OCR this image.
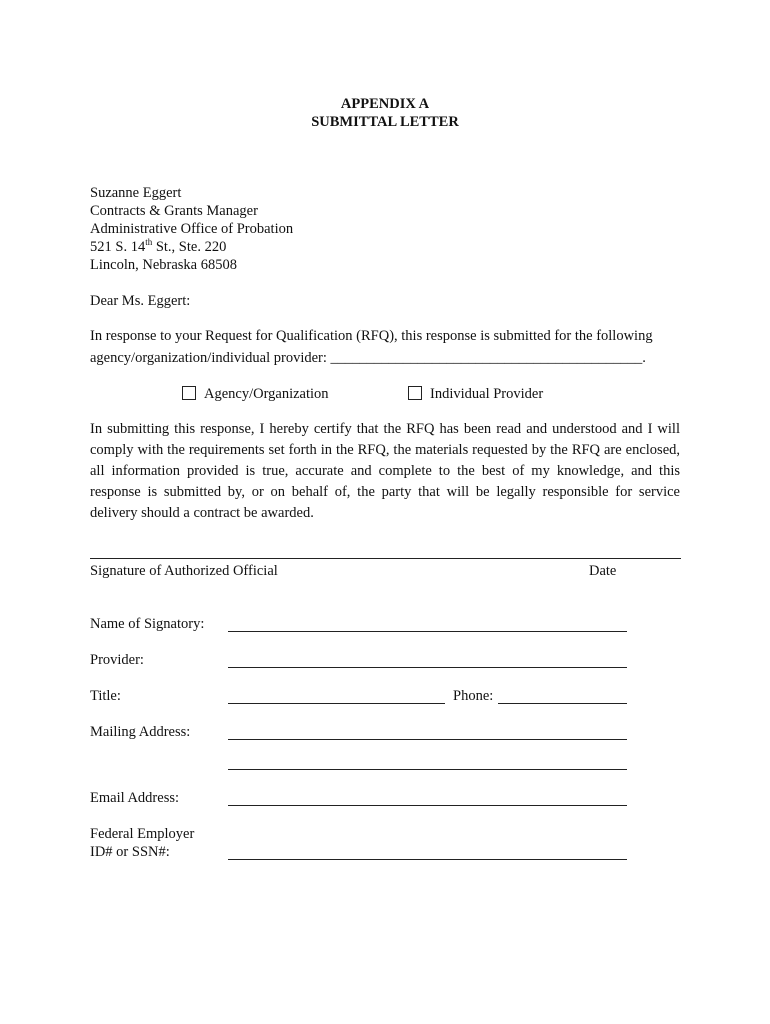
APPENDIX A
SUBMITTAL LETTER
Suzanne Eggert
Contracts & Grants Manager
Administrative Office of Probation
521 S. 14th St., Ste. 220
Lincoln, Nebraska 68508
Dear Ms. Eggert:
In response to your Request for Qualification (RFQ), this response is submitted for the following
agency/organization/individual provider: ___________________________________________.
Agency/Organization	Individual Provider
In submitting this response, I hereby certify that the RFQ has been read and understood and I will comply with the requirements set forth in the RFQ, the materials requested by the RFQ are enclosed, all information provided is true, accurate and complete to the best of my knowledge, and this response is submitted by, or on behalf of, the party that will be legally responsible for service delivery should a contract be awarded.
Signature of Authorized Official	Date
Name of Signatory:
Provider:
Title:	Phone:
Mailing Address:
Email Address:
Federal Employer
ID# or SSN#:
